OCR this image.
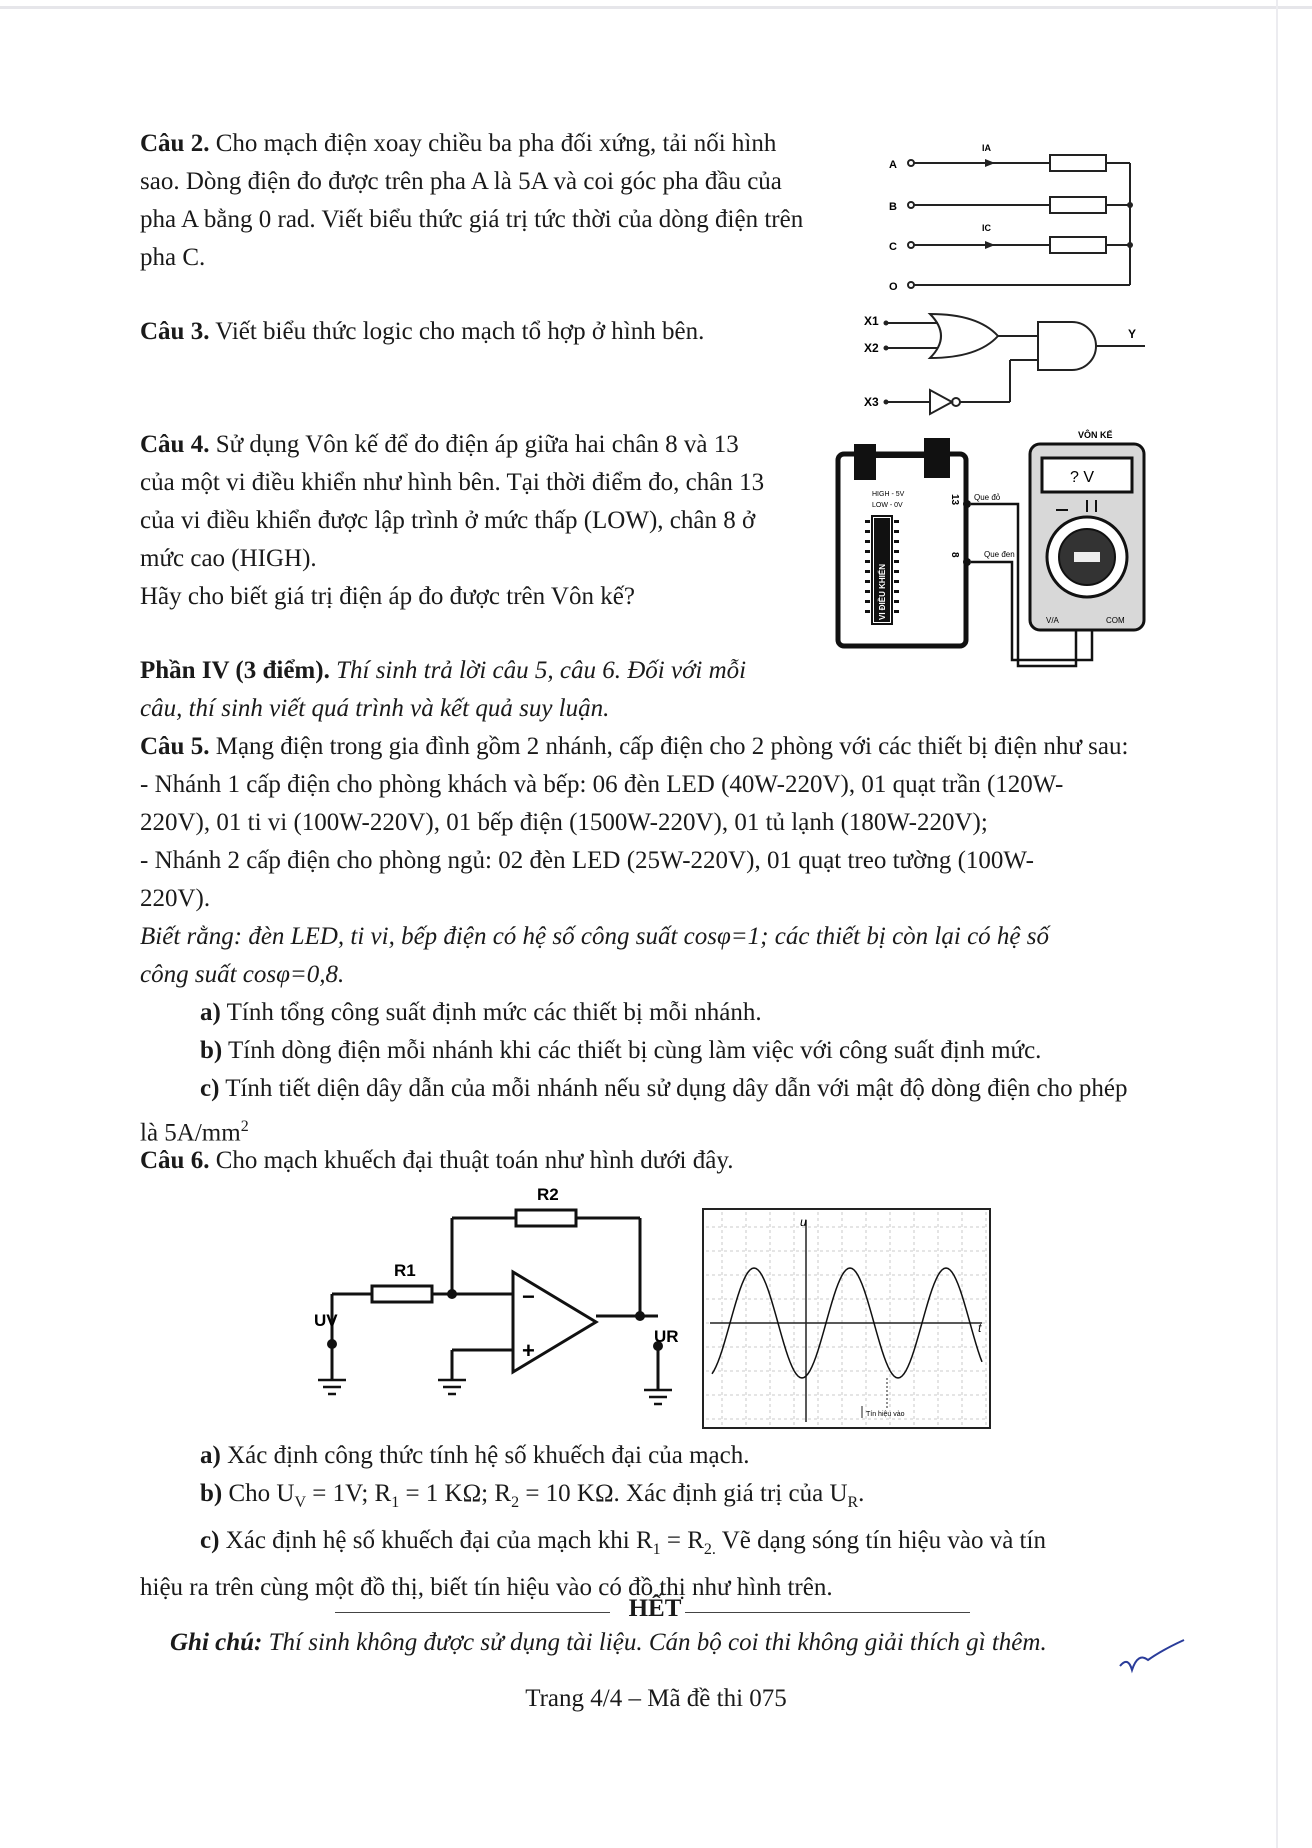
Câu 2. Cho mạch điện xoay chiều ba pha đối xứng, tải nối hình
sao. Dòng điện đo được trên pha A là 5A và coi góc pha đầu của
pha A bằng 0 rad. Viết biểu thức giá trị tức thời của dòng điện trên
pha C.
A
B
C
O
IA
IC
Câu 3. Viết biểu thức logic cho mạch tổ hợp ở hình bên.	X1
X2
X3
Y
Câu 4. Sử dụng Vôn kế để đo điện áp giữa hai chân 8 và 13
của một vi điều khiển như hình bên. Tại thời điểm đo, chân 13
của vi điều khiển được lập trình ở mức thấp (LOW), chân 8 ở
mức cao (HIGH).
Hãy cho biết giá trị điện áp đo được trên Vôn kế?
HIGH - 5V
LOW - 0V
VI ĐIỀU KHIỂN
13
8
Que đỏ
Que đen
VÔN KẾ
? V
V/A	COM
Phần IV (3 điểm). Thí sinh trả lời câu 5, câu 6. Đối với mỗi
câu, thí sinh viết quá trình và kết quả suy luận.
Câu 5. Mạng điện trong gia đình gồm 2 nhánh, cấp điện cho 2 phòng với các thiết bị điện như sau:
- Nhánh 1 cấp điện cho phòng khách và bếp: 06 đèn LED (40W-220V), 01 quạt trần (120W-
220V), 01 ti vi (100W-220V), 01 bếp điện (1500W-220V), 01 tủ lạnh (180W-220V);
- Nhánh 2 cấp điện cho phòng ngủ: 02 đèn LED (25W-220V), 01 quạt treo tường (100W-
220V).
Biết rằng: đèn LED, ti vi, bếp điện có hệ số công suất cosφ=1; các thiết bị còn lại có hệ số
công suất cosφ=0,8.
a) Tính tổng công suất định mức các thiết bị mỗi nhánh.
b) Tính dòng điện mỗi nhánh khi các thiết bị cùng làm việc với công suất định mức.
c) Tính tiết diện dây dẫn của mỗi nhánh nếu sử dụng dây dẫn với mật độ dòng điện cho phép
là $5A/mm^2$
Câu 6. Cho mạch khuếch đại thuật toán như hình dưới đây.
R1
R2
UV
UR
−
+
u
t
Tín hiệu vào
a) Xác định công thức tính hệ số khuếch đại của mạch.
b) Cho $U_V = 1V$; $R_1 = 1$ KΩ; $R_2 = 10$ KΩ. Xác định giá trị của $U_R$.
c) Xác định hệ số khuếch đại của mạch khi $R_1 = R_{2.}$ Vẽ dạng sóng tín hiệu vào và tín
hiệu ra trên cùng một đồ thị, biết tín hiệu vào có đồ thị như hình trên.
HẾT
Ghi chú: Thí sinh không được sử dụng tài liệu. Cán bộ coi thi không giải thích gì thêm.
Trang 4/4 – Mã đề thi 075
